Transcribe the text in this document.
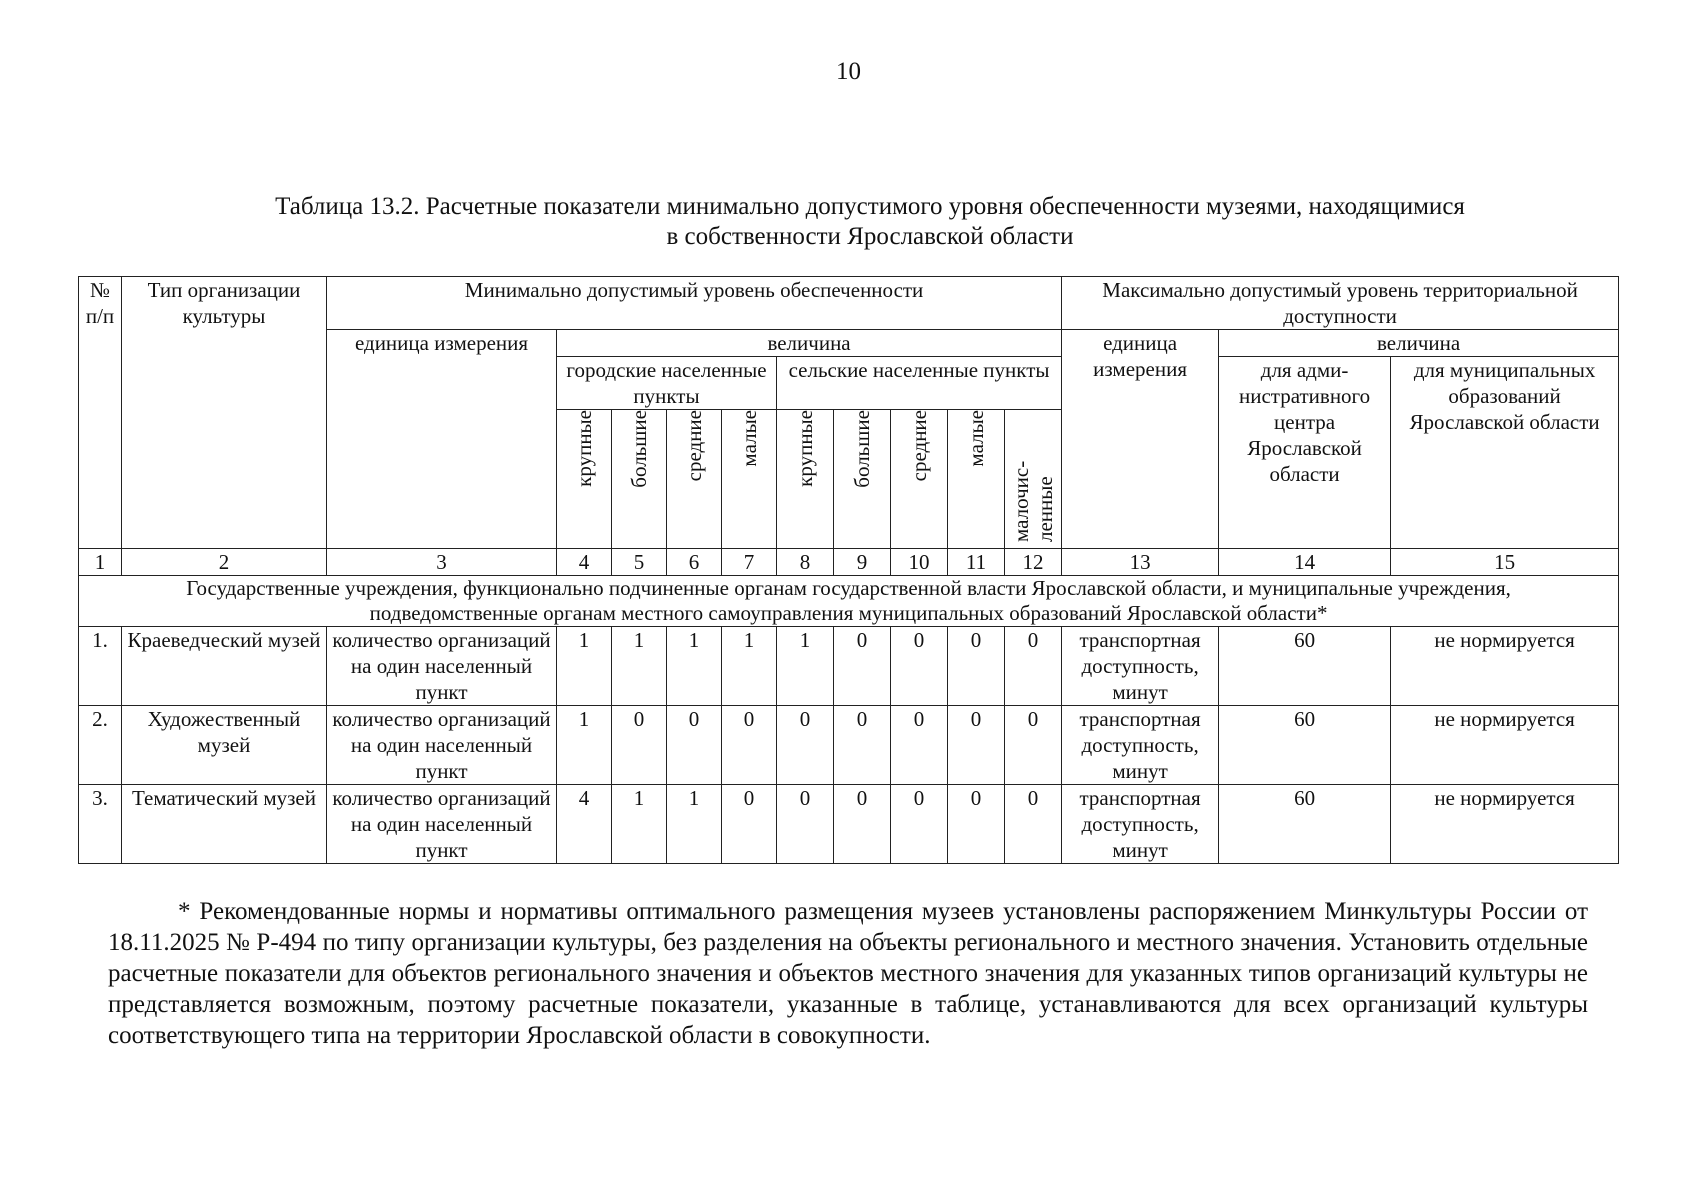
10
Таблица 13.2. Расчетные показатели минимально допустимого уровня обеспеченности музеями, находящимися
в собственности Ярославской области
№ п/п	Тип организации культуры	Минимально допустимый уровень обеспеченности										Максимально допустимый уровень территориальной доступности		
		единица измерения	величина									единица измерения	величина	
			городские населенные пункты				сельские населенные пункты						для адми-нистративного центра Ярославской области	для муниципальных образований Ярославской области
			крупные	большие	средние	малые	крупные	большие	средние	малые	малочис-ленные			
1	2	3	4	5	6	7	8	9	10	11	12	13	14	15
Государственные учреждения, функционально подчиненные органам государственной власти Ярославской области, и муниципальные учреждения, подведомственные органам местного самоуправления муниципальных образований Ярославской области*														
1.	Краеведческий музей	количество организаций на один населенный пункт	1	1	1	1	1	0	0	0	0	транспортная доступность, минут	60	не нормируется
2.	Художественный музей	количество организаций на один населенный пункт	1	0	0	0	0	0	0	0	0	транспортная доступность, минут	60	не нормируется
3.	Тематический музей	количество организаций на один населенный пункт	4	1	1	0	0	0	0	0	0	транспортная доступность, минут	60	не нормируется
* Рекомендованные нормы и нормативы оптимального размещения музеев установлены распоряжением Минкультуры России от 18.11.2025 № Р-494 по типу организации культуры, без разделения на объекты регионального и местного значения. Установить отдельные расчетные показатели для объектов регионального значения и объектов местного значения для указанных типов организаций культуры не представляется возможным, поэтому расчетные показатели, указанные в таблице, устанавливаются для всех организаций культуры соответствующего типа на территории Ярославской области в совокупности.
